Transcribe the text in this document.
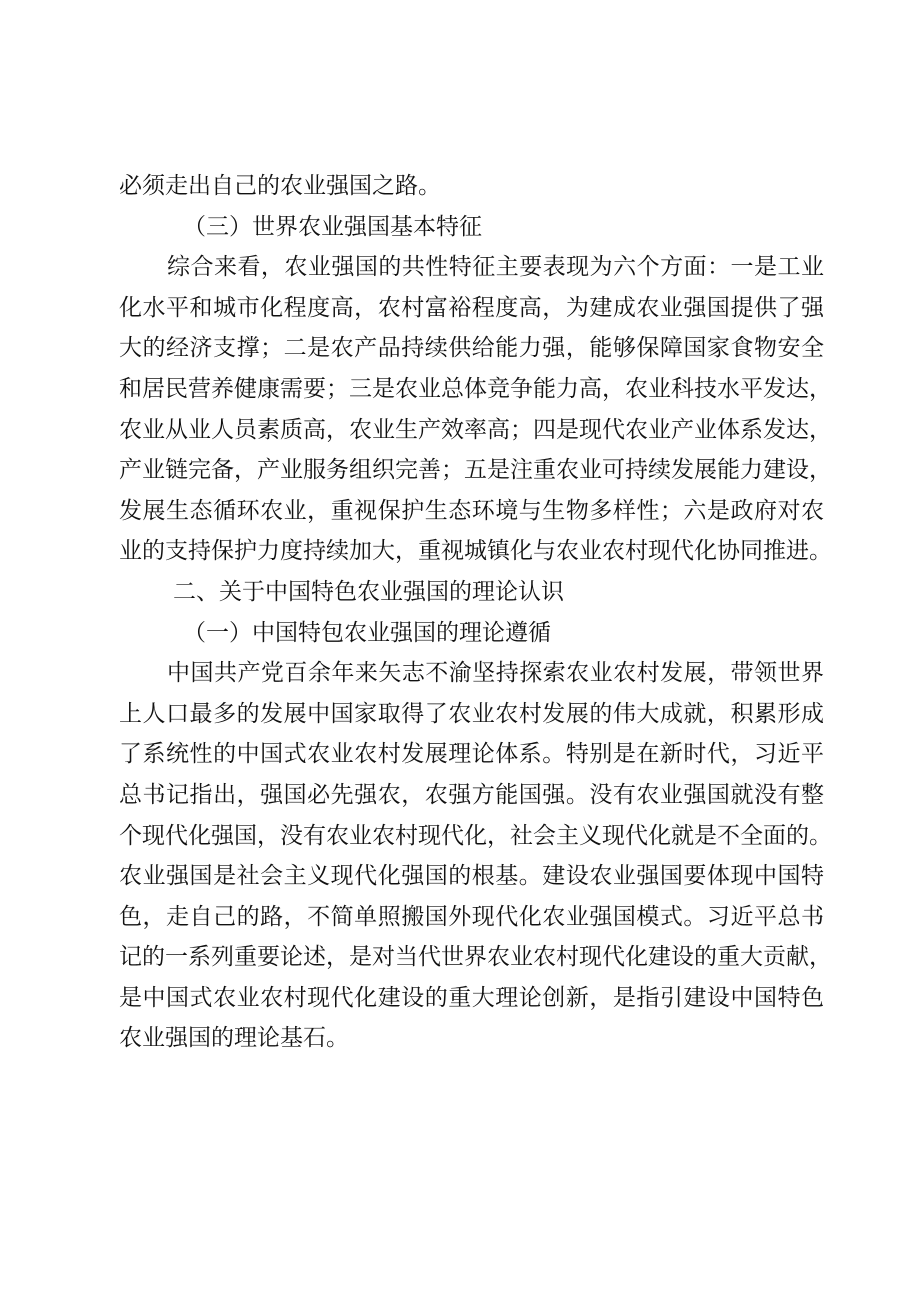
必须走出自己的农业强国之路。
（三）世界农业强国基本特征
综合来看，农业强国的共性特征主要表现为六个方面：一是工业
化水平和城市化程度高，农村富裕程度高，为建成农业强国提供了强
大的经济支撑；二是农产品持续供给能力强，能够保障国家食物安全
和居民营养健康需要；三是农业总体竞争能力高，农业科技水平发达，
农业从业人员素质高，农业生产效率高；四是现代农业产业体系发达，
产业链完备，产业服务组织完善；五是注重农业可持续发展能力建设，
发展生态循环农业，重视保护生态环境与生物多样性；六是政府对农
业的支持保护力度持续加大，重视城镇化与农业农村现代化协同推进。
二、关于中国特色农业强国的理论认识
（一）中国特包农业强国的理论遵循
中国共产党百余年来矢志不渝坚持探索农业农村发展，带领世界
上人口最多的发展中国家取得了农业农村发展的伟大成就，积累形成
了系统性的中国式农业农村发展理论体系。特别是在新时代，习近平
总书记指出，强国必先强农，农强方能国强。没有农业强国就没有整
个现代化强国，没有农业农村现代化，社会主义现代化就是不全面的。
农业强国是社会主义现代化强国的根基。建设农业强国要体现中国特
色，走自己的路，不简单照搬国外现代化农业强国模式。习近平总书
记的一系列重要论述，是对当代世界农业农村现代化建设的重大贡献，
是中国式农业农村现代化建设的重大理论创新，是指引建设中国特色
农业强国的理论基石。
